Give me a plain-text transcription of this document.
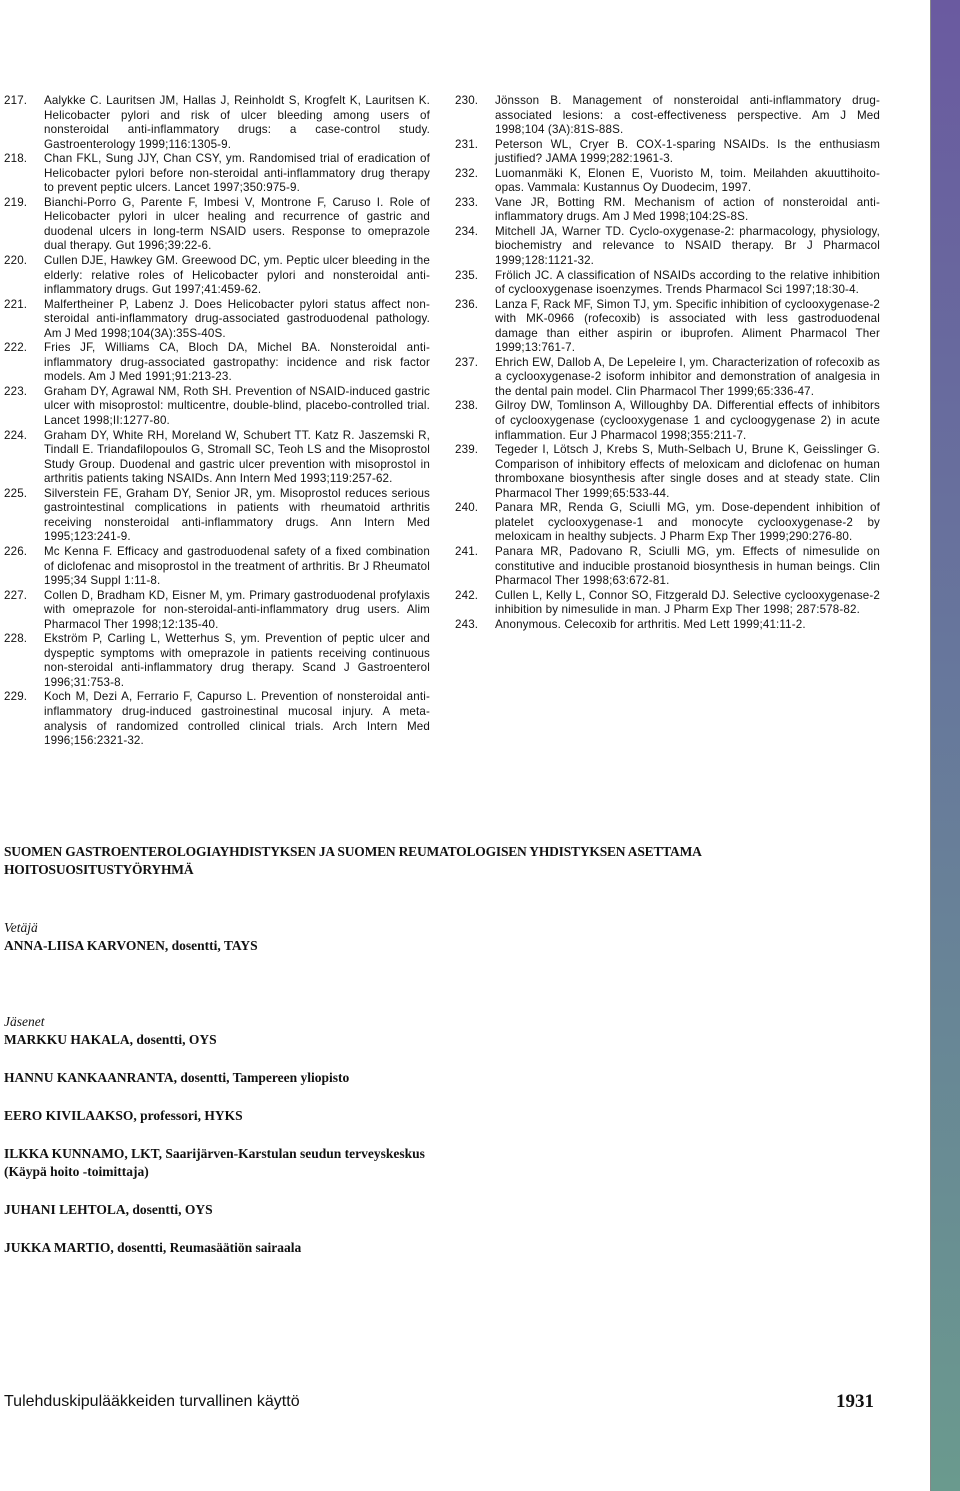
217.	Aalykke C. Lauritsen JM, Hallas J, Reinholdt S, Krogfelt K, Lauritsen K. Helicobacter pylori and risk of ulcer bleeding among users of nonsteroidal anti-inflammatory drugs: a case-control study. Gastroenterology 1999;116:1305-9.
218.	Chan FKL, Sung JJY, Chan CSY, ym. Randomised trial of eradication of Helicobacter pylori before non-steroidal anti-inflammatory drug therapy to prevent peptic ulcers. Lancet 1997;350:975-9.
219.	Bianchi-Porro G, Parente F, Imbesi V, Montrone F, Caruso I. Role of Helicobacter pylori in ulcer healing and recurrence of gastric and duodenal ulcers in long-term NSAID users. Response to omeprazole dual therapy. Gut 1996;39:22-6.
220.	Cullen DJE, Hawkey GM. Greewood DC, ym. Peptic ulcer bleeding in the elderly: relative roles of Helicobacter pylori and nonsteroidal anti-inflammatory drugs. Gut 1997;41:459-62.
221.	Malfertheiner P, Labenz J. Does Helicobacter pylori status affect non-steroidal anti-inflammatory drug-associated gastroduodenal pathology. Am J Med 1998;104(3A):35S-40S.
222.	Fries JF, Williams CA, Bloch DA, Michel BA. Nonsteroidal anti-inflammatory drug-associated gastropathy: incidence and risk factor models. Am J Med 1991;91:213-23.
223.	Graham DY, Agrawal NM, Roth SH. Prevention of NSAID-induced gastric ulcer with misoprostol: multicentre, double-blind, placebo-controlled trial. Lancet 1998;II:1277-80.
224.	Graham DY, White RH, Moreland W, Schubert TT. Katz R. Jaszemski R, Tindall E. Triandafilopoulos G, Stromall SC, Teoh LS and the Misoprostol Study Group. Duodenal and gastric ulcer prevention with misoprostol in arthritis patients taking NSAIDs. Ann Intern Med 1993;119:257-62.
225.	Silverstein FE, Graham DY, Senior JR, ym. Misoprostol reduces serious gastrointestinal complications in patients with rheumatoid arthritis receiving nonsteroidal anti-inflammatory drugs. Ann Intern Med 1995;123:241-9.
226.	Mc Kenna F. Efficacy and gastroduodenal safety of a fixed combination of diclofenac and misoprostol in the treatment of arthritis. Br J Rheumatol 1995;34 Suppl 1:11-8.
227.	Collen D, Bradham KD, Eisner M, ym. Primary gastroduodenal profylaxis with omeprazole for non-steroidal-anti-inflammatory drug users. Alim Pharmacol Ther 1998;12:135-40.
228.	Ekström P, Carling L, Wetterhus S, ym. Prevention of peptic ulcer and dyspeptic symptoms with omeprazole in patients receiving continuous non-steroidal anti-inflammatory drug therapy. Scand J Gastroenterol 1996;31:753-8.
229.	Koch M, Dezi A, Ferrario F, Capurso L. Prevention of nonsteroidal anti-inflammatory drug-induced gastroinestinal mucosal injury. A meta-analysis of randomized controlled clinical trials. Arch Intern Med 1996;156:2321-32.
230.	Jönsson B. Management of nonsteroidal anti-inflammatory drug-associated lesions: a cost-effectiveness perspective. Am J Med 1998;104 (3A):81S-88S.
231.	Peterson WL, Cryer B. COX-1-sparing NSAIDs. Is the enthusiasm justified? JAMA 1999;282:1961-3.
232.	Luomanmäki K, Elonen E, Vuoristo M, toim. Meilahden akuuttihoito-opas. Vammala: Kustannus Oy Duodecim, 1997.
233.	Vane JR, Botting RM. Mechanism of action of nonsteroidal anti-inflammatory drugs. Am J Med 1998;104:2S-8S.
234.	Mitchell JA, Warner TD. Cyclo-oxygenase-2: pharmacology, physiology, biochemistry and relevance to NSAID therapy. Br J Pharmacol 1999;128:1121-32.
235.	Frölich JC. A classification of NSAIDs according to the relative inhibition of cyclooxygenase isoenzymes. Trends Pharmacol Sci 1997;18:30-4.
236.	Lanza F, Rack MF, Simon TJ, ym. Specific inhibition of cyclooxygenase-2 with MK-0966 (rofecoxib) is associated with less gastroduodenal damage than either aspirin or ibuprofen. Aliment Pharmacol Ther 1999;13:761-7.
237.	Ehrich EW, Dallob A, De Lepeleire I, ym. Characterization of rofecoxib as a cyclooxygenase-2 isoform inhibitor and demonstration of analgesia in the dental pain model. Clin Pharmacol Ther 1999;65:336-47.
238.	Gilroy DW, Tomlinson A, Willoughby DA. Differential effects of inhibitors of cyclooxygenase (cyclooxygenase 1 and cycloogygenase 2) in acute inflammation. Eur J Pharmacol 1998;355:211-7.
239.	Tegeder I, Lötsch J, Krebs S, Muth-Selbach U, Brune K, Geisslinger G. Comparison of inhibitory effects of meloxicam and diclofenac on human thromboxane biosynthesis after single doses and at steady state. Clin Pharmacol Ther 1999;65:533-44.
240.	Panara MR, Renda G, Sciulli MG, ym. Dose-dependent inhibition of platelet cyclooxygenase-1 and monocyte cyclooxygenase-2 by meloxicam in healthy subjects. J Pharm Exp Ther 1999;290:276-80.
241.	Panara MR, Padovano R, Sciulli MG, ym. Effects of nimesulide on constitutive and inducible prostanoid biosynthesis in human beings. Clin Pharmacol Ther 1998;63:672-81.
242.	Cullen L, Kelly L, Connor SO, Fitzgerald DJ. Selective cyclooxygenase-2 inhibition by nimesulide in man. J Pharm Exp Ther 1998; 287:578-82.
243.	Anonymous. Celecoxib for arthritis. Med Lett 1999;41:11-2.
SUOMEN GASTROENTEROLOGIAYHDISTYKSEN JA SUOMEN REUMATOLOGISEN YHDISTYKSEN ASETTAMA HOITOSUOSITUSTYÖRYHMÄ
Vetäjä
ANNA-LIISA KARVONEN, dosentti, TAYS
Jäsenet
MARKKU HAKALA, dosentti, OYS
HANNU KANKAANRANTA, dosentti, Tampereen yliopisto
EERO KIVILAAKSO, professori, HYKS
ILKKA KUNNAMO, LKT, Saarijärven-Karstulan seudun terveyskeskus
(Käypä hoito -toimittaja)
JUHANI LEHTOLA, dosentti, OYS
JUKKA MARTIO, dosentti, Reumasäätiön sairaala
Tulehduskipulääkkeiden turvallinen käyttö	1931
